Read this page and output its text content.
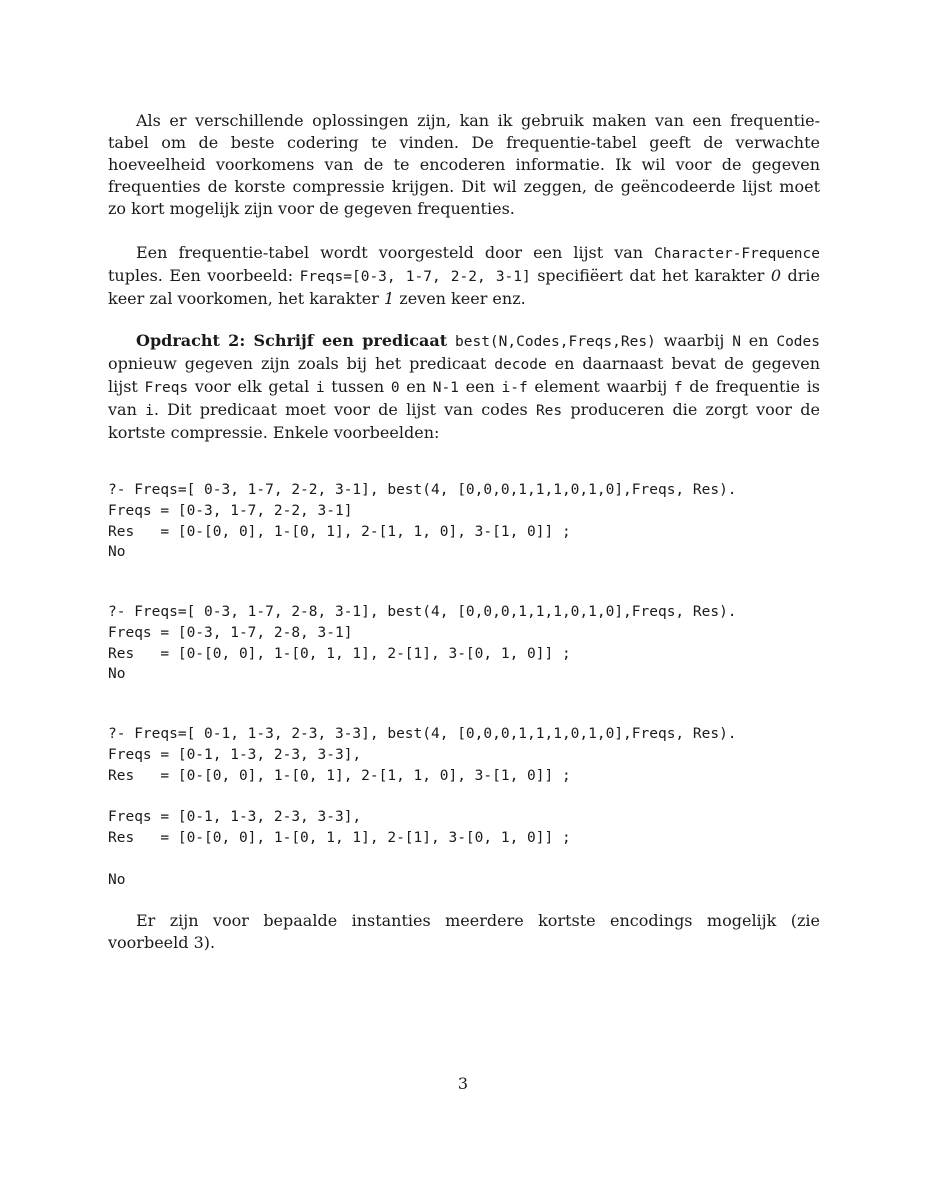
Als er verschillende oplossingen zijn, kan ik gebruik maken van een frequentie-tabel om de beste codering te vinden. De frequentie-tabel geeft de verwachte hoeveelheid voorkomens van de te encoderen informatie. Ik wil voor de gegeven frequenties de korste compressie krijgen. Dit wil zeggen, de geëncodeerde lijst moet zo kort mogelijk zijn voor de gegeven frequenties.

Een frequentie-tabel wordt voorgesteld door een lijst van Character-Frequence tuples. Een voorbeeld: Freqs=[0-3, 1-7, 2-2, 3-1] specifiëert dat het karakter 0 drie keer zal voorkomen, het karakter 1 zeven keer enz.

Opdracht 2: Schrijf een predicaat best(N,Codes,Freqs,Res) waarbij N en Codes opnieuw gegeven zijn zoals bij het predicaat decode en daarnaast bevat de gegeven lijst Freqs voor elk getal i tussen 0 en N-1 een i-f element waarbij f de frequentie is van i. Dit predicaat moet voor de lijst van codes Res produceren die zorgt voor de kortste compressie. Enkele voorbeelden:

?- Freqs=[ 0-3, 1-7, 2-2, 3-1], best(4, [0,0,0,1,1,1,0,1,0],Freqs, Res).
Freqs = [0-3, 1-7, 2-2, 3-1]
Res   = [0-[0, 0], 1-[0, 1], 2-[1, 1, 0], 3-[1, 0]] ;
No
?- Freqs=[ 0-3, 1-7, 2-8, 3-1], best(4, [0,0,0,1,1,1,0,1,0],Freqs, Res).
Freqs = [0-3, 1-7, 2-8, 3-1]
Res   = [0-[0, 0], 1-[0, 1, 1], 2-[1], 3-[0, 1, 0]] ;
No
?- Freqs=[ 0-1, 1-3, 2-3, 3-3], best(4, [0,0,0,1,1,1,0,1,0],Freqs, Res).
Freqs = [0-1, 1-3, 2-3, 3-3],
Res   = [0-[0, 0], 1-[0, 1], 2-[1, 1, 0], 3-[1, 0]] ;

Freqs = [0-1, 1-3, 2-3, 3-3],
Res   = [0-[0, 0], 1-[0, 1, 1], 2-[1], 3-[0, 1, 0]] ;

No

Er zijn voor bepaalde instanties meerdere kortste encodings mogelijk (zie voorbeeld 3).

3
